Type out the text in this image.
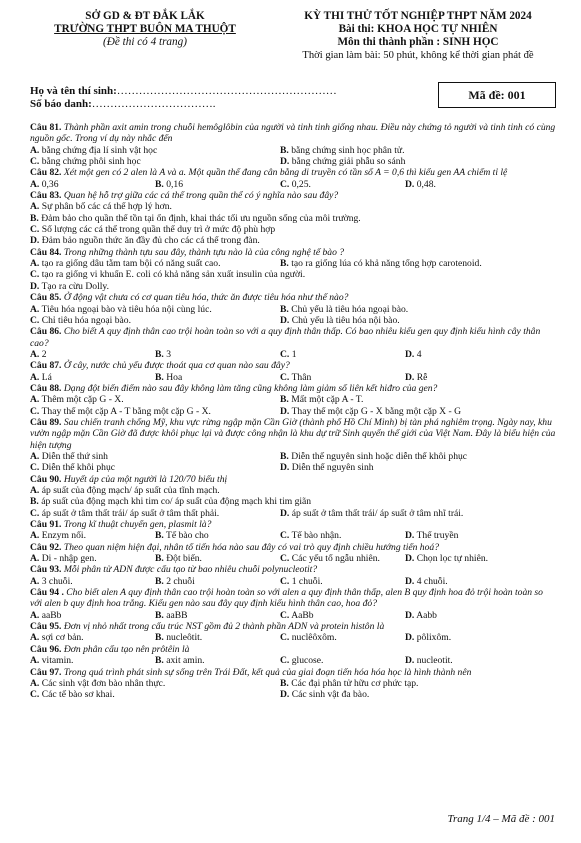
SỞ GD & ĐT ĐẮK LẮK
TRƯỜNG THPT BUÔN MA THUỘT
(Đề thi có 4 trang)
KỲ THI THỬ TỐT NGHIỆP THPT NĂM 2024
Bài thi: KHOA HỌC TỰ NHIÊN
Môn thi thành phần : SINH HỌC
Thời gian làm bài: 50 phút, không kể thời gian phát đề
Họ và tên thí sinh:……………………………………………………
Số báo danh:…………………………….
Mã đề: 001
Câu 81. Thành phần axit amin trong chuỗi hemôglôbin của người và tinh tinh giống nhau. Điều này chứng tỏ người và tinh tinh có cùng nguồn gốc. Trong ví dụ này nhắc đến
A. bằng chứng địa lí sinh vật học	B. bằng chứng sinh học phân tử.
C. bằng chứng phôi sinh học	D. bằng chứng giải phẫu so sánh
Câu 82. Xét một gen có 2 alen là A và a. Một quần thể đang cân bằng di truyền có tần số A = 0,6 thì kiểu gen AA chiếm tỉ lệ
A. 0,36	B. 0,16	C. 0,25.	D. 0,48.
Câu 83. Quan hệ hỗ trợ giữa các cá thể trong quần thể có ý nghĩa nào sau đây?
A. Sự phân bố các cá thể hợp lý hơn.
B. Đảm bảo cho quần thể tồn tại ổn định, khai thác tối ưu nguồn sống của môi trường.
C. Số lượng các cá thể trong quần thể duy trì ở mức độ phù hợp
D. Đảm bảo nguồn thức ăn đầy đủ cho các cá thể trong đàn.
Câu 84. Trong những thành tựu sau đây, thành tựu nào là của công nghệ tế bào ?
A. tạo ra giống dâu tằm tam bội có năng suất cao.	B. tạo ra giống lúa có khả năng tổng hợp carotenoid.
C. tạo ra giống vi khuẩn E. coli có khả năng sản xuất insulin của người.
D. Tạo ra cừu Dolly.
Câu 85. Ở động vật chưa có cơ quan tiêu hóa, thức ăn được tiêu hóa như thế nào?
A. Tiêu hóa ngoại bào và tiêu hóa nội cùng lúc.	B. Chủ yếu là tiêu hóa ngoại bào.
C. Chỉ tiêu hóa ngoại bào.	D. Chủ yếu là tiêu hóa nội bào.
Câu 86. Cho biết A quy định thân cao trội hoàn toàn so với a quy định thân thấp. Có bao nhiêu kiểu gen quy định kiểu hình cây thân cao?
A. 2	B. 3	C. 1	D. 4
Câu 87. Ở cây, nước chủ yếu được thoát qua cơ quan nào sau đây?
A. Lá	B. Hoa	C. Thân	D. Rễ
Câu 88. Dạng đột biến điểm nào sau đây không làm tăng cũng không làm giảm số liên kết hiđro của gen?
A. Thêm một cặp G - X.	B. Mất một cặp A - T.
C. Thay thế một cặp A - T bằng một cặp G - X.	D. Thay thế một cặp G - X bằng một cặp X - G
Câu 89. Sau chiến tranh chống Mỹ, khu vực rừng ngập mặn Cần Giờ (thành phố Hồ Chí Minh) bị tàn phá nghiêm trọng. Ngày nay, khu vườn ngập mặn Cần Giờ đã được khôi phục lại và được công nhận là khu dự trữ Sinh quyển thế giới của Việt Nam. Đây là biểu hiện của hiện tượng
A. Diễn thế thứ sinh	B. Diễn thế nguyên sinh hoặc diễn thế khôi phục
C. Diễn thế khôi phục	D. Diễn thế nguyên sinh
Câu 90. Huyết áp của một người là 120/70 biểu thị
A. áp suất của động mạch/ áp suất của tĩnh mạch.
B. áp suất của động mạch khi tim co/ áp suất của động mạch khi tim giãn
C. áp suất ở tâm thất trái/ áp suất ở tâm thất phải.	D. áp suất ở tâm thất trái/ áp suất ở tâm nhĩ trái.
Câu 91. Trong kĩ thuật chuyển gen, plasmit là?
A. Enzym nối.	B. Tế bào cho	C. Tế bào nhận.	D. Thể truyền
Câu 92. Theo quan niệm hiện đại, nhân tố tiến hóa nào sau đây có vai trò quy định chiều hướng tiến hoá?
A. Di - nhập gen.	B. Đột biến.	C. Các yếu tố ngẫu nhiên.	D. Chọn lọc tự nhiên.
Câu 93. Mỗi phân tử ADN được cấu tạo từ bao nhiêu chuỗi polynucleotit?
A. 3 chuỗi.	B. 2 chuỗi	C. 1 chuỗi.	D. 4 chuỗi.
Câu 94 . Cho biết alen A quy định thân cao trội hoàn toàn so với alen a quy định thân thấp, alen B quy định hoa đỏ trội hoàn toàn so với alen b quy định hoa trắng. Kiểu gen nào sau đây quy định kiểu hình thân cao, hoa đỏ?
A. aaBb	B. aaBB	C. AaBb	D. Aabb
Câu 95. Đơn vị nhỏ nhất trong cấu trúc NST gồm đủ 2 thành phần ADN và protein histôn là
A. sợi cơ bản.	B. nucleôtit.	C. nuclêôxôm.	D. pôlixôm.
Câu 96. Đơn phân cấu tạo nên prôtêin là
A. vitamin.	B. axit amin.	C. glucose.	D. nucleotit.
Câu 97. Trong quá trình phát sinh sự sống trên Trái Đất, kết quả của giai đoạn tiến hóa hóa học là hình thành nên
A. Các sinh vật đơn bào nhân thực.	B. Các đại phân tử hữu cơ phức tạp.
C. Các tế bào sơ khai.	D. Các sinh vật đa bào.
Trang 1/4 – Mã đề : 001
